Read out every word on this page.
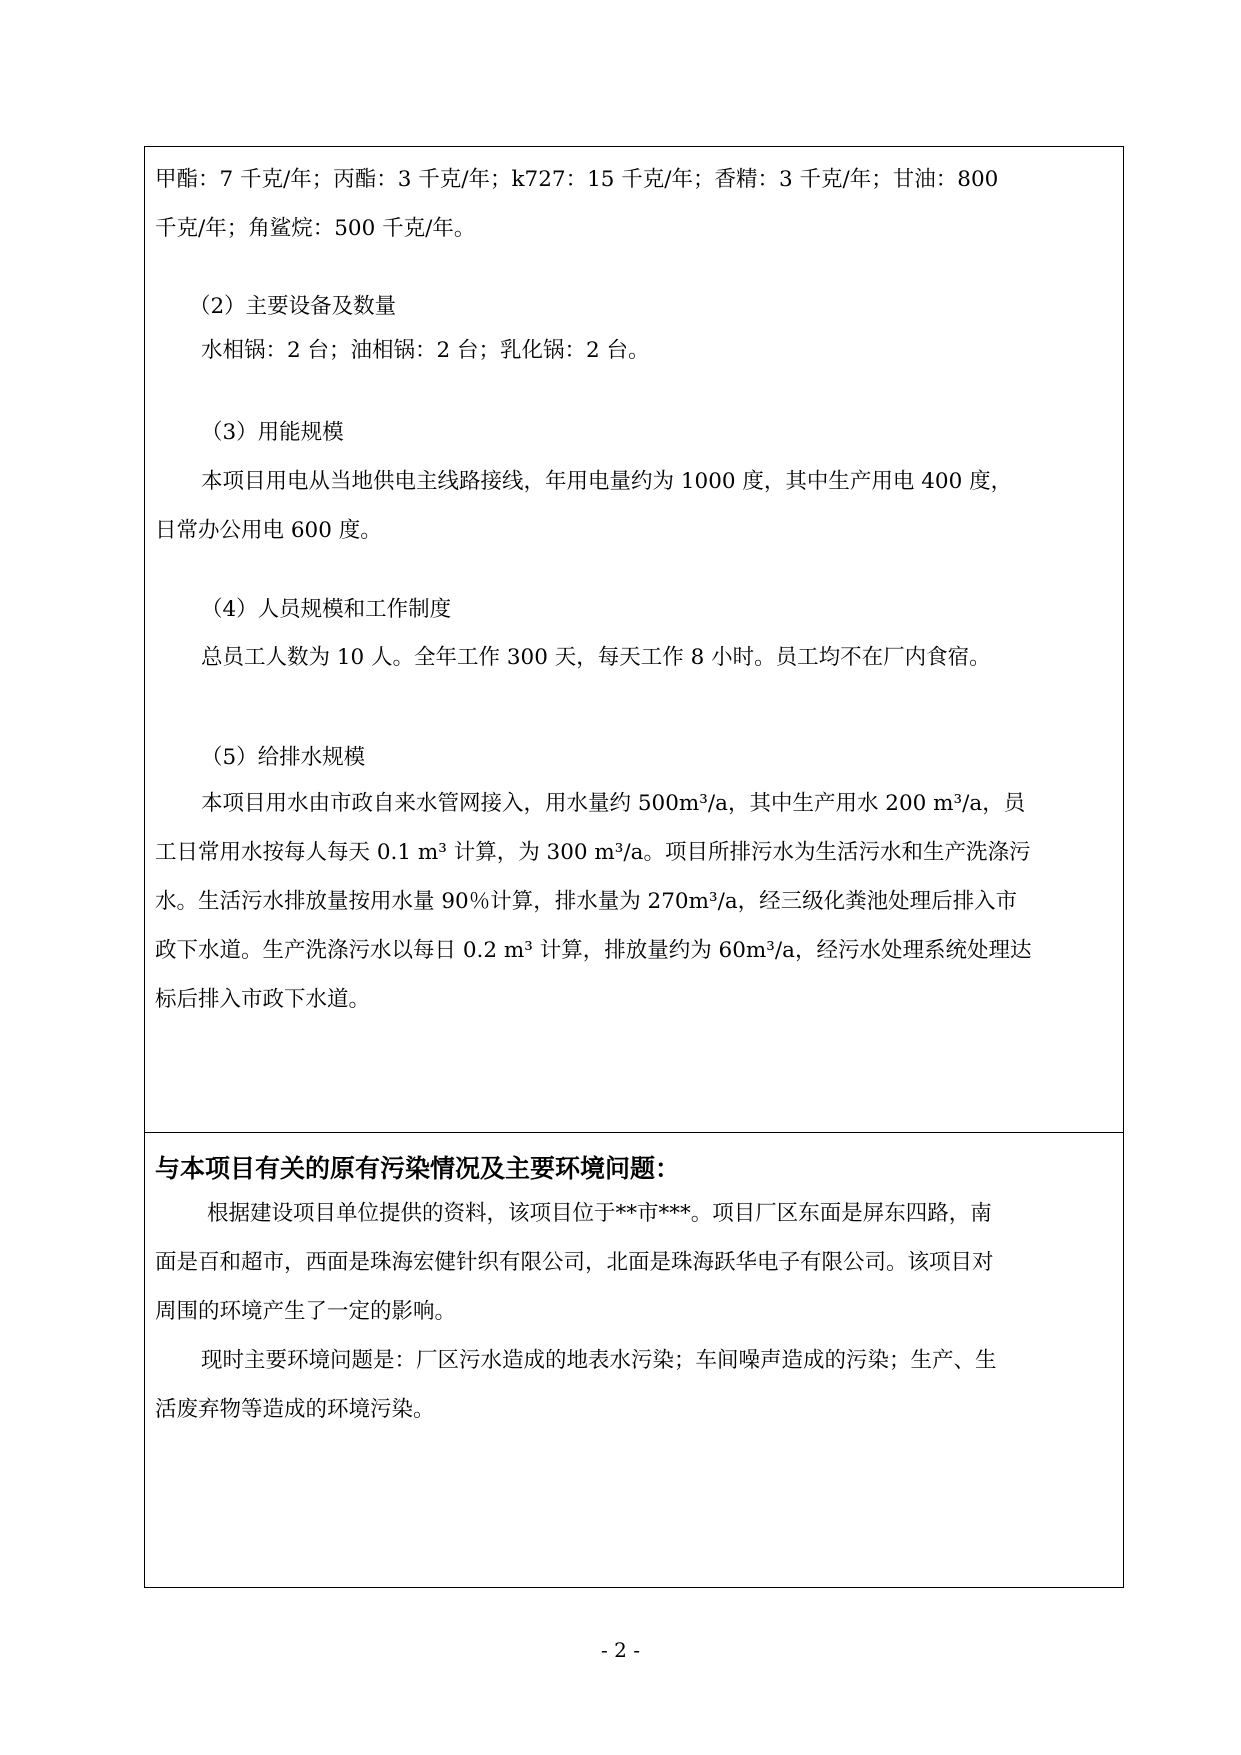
甲酯：7 千克/年；丙酯：3 千克/年；k727：15 千克/年；香精：3 千克/年；甘油：800
千克/年；角鲨烷：500 千克/年。
（2）主要设备及数量
水相锅：2 台；油相锅：2 台；乳化锅：2 台。
（3）用能规模
本项目用电从当地供电主线路接线，年用电量约为 1000 度，其中生产用电 400 度，
日常办公用电 600 度。
（4）人员规模和工作制度
总员工人数为 10 人。全年工作 300 天，每天工作 8 小时。员工均不在厂内食宿。
（5）给排水规模
本项目用水由市政自来水管网接入，用水量约 500m³/a，其中生产用水 200 m³/a，员
工日常用水按每人每天 0.1 m³ 计算，为 300 m³/a。项目所排污水为生活污水和生产洗涤污
水。生活污水排放量按用水量 90％计算，排水量为 270m³/a，经三级化粪池处理后排入市
政下水道。生产洗涤污水以每日 0.2 m³ 计算，排放量约为 60m³/a，经污水处理系统处理达
标后排入市政下水道。
与本项目有关的原有污染情况及主要环境问题：
根据建设项目单位提供的资料，该项目位于**市***。项目厂区东面是屏东四路，南
面是百和超市，西面是珠海宏健针织有限公司，北面是珠海跃华电子有限公司。该项目对
周围的环境产生了一定的影响。
现时主要环境问题是：厂区污水造成的地表水污染；车间噪声造成的污染；生产、生
活废弃物等造成的环境污染。
- 2 -
